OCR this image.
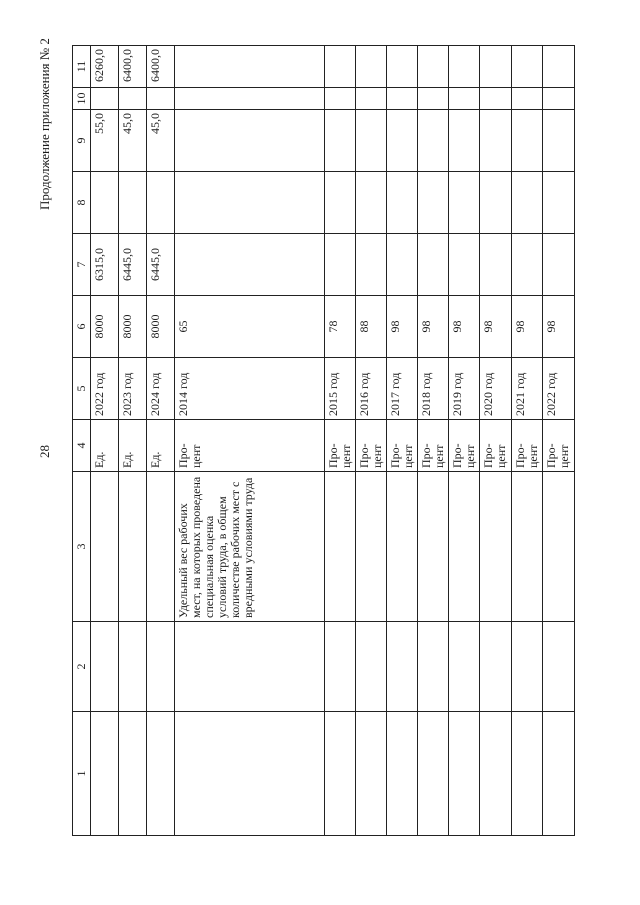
28
Продолжение приложения № 2
1	2	3	4	5	6	7	8	9	10	11
			Ед.	2022 год	8000	6315,0		55,0		6260,0
			Ед.	2023 год	8000	6445,0		45,0		6400,0
			Ед.	2024 год	8000	6445,0		45,0		6400,0
		Удельный вес рабочих мест, на которых проведена специальная оценка условий труда, в общем количестве рабочих мест с вредными условиями труда	Про- цент	2014 год	65					
			Про- цент	2015 год	78					
			Про- цент	2016 год	88					
			Про- цент	2017 год	98					
			Про- цент	2018 год	98					
			Про- цент	2019 год	98					
			Про- цент	2020 год	98					
			Про- цент	2021 год	98					
			Про- цент	2022 год	98					
